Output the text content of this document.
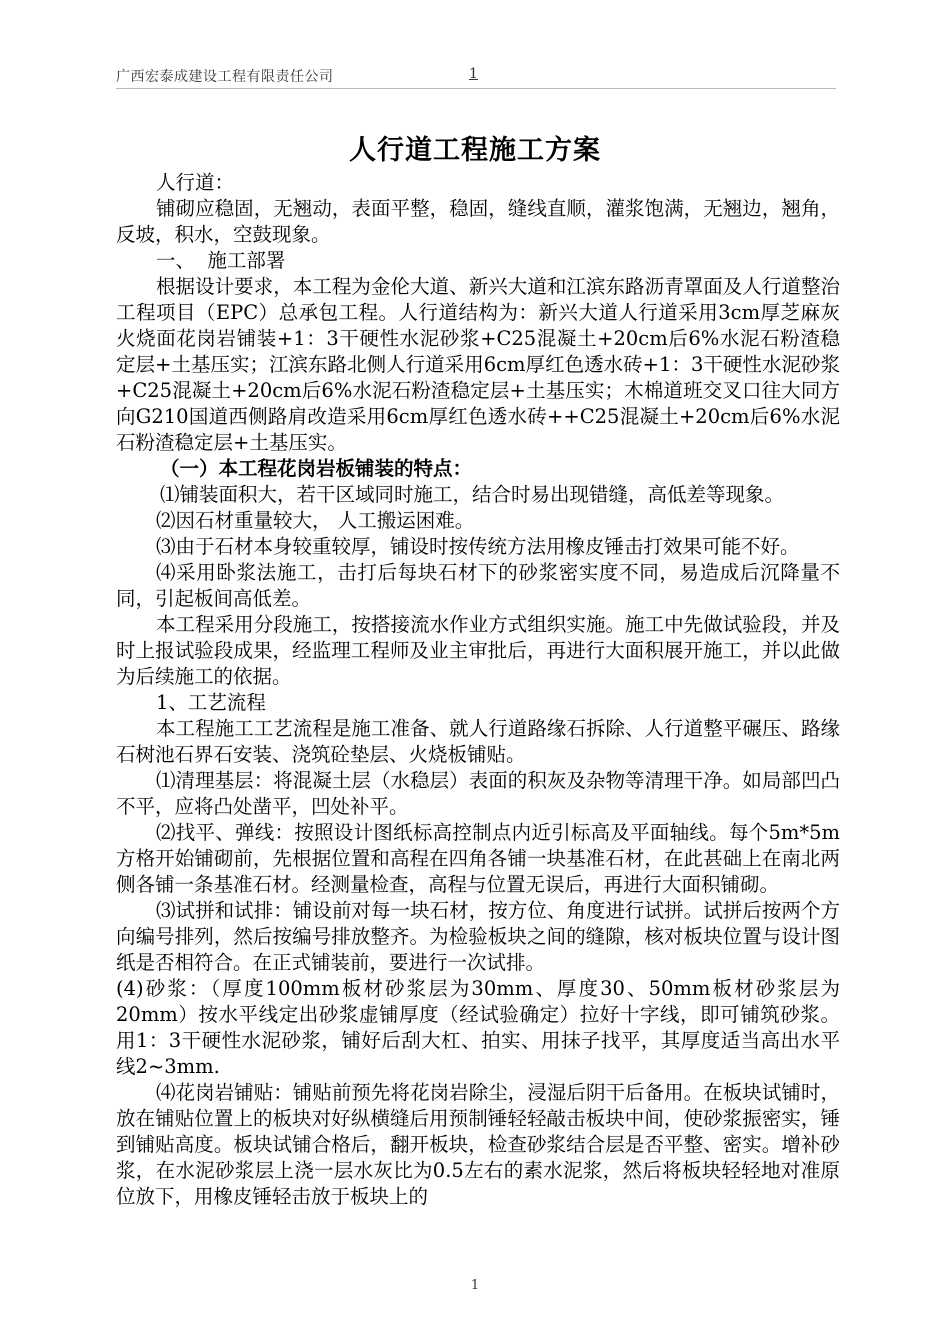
广西宏泰成建设工程有限责任公司	1
人行道工程施工方案

人行道：

铺砌应稳固，无翘动，表面平整，稳固，缝线直顺，灌浆饱满，无翘边，翘角，反坡，积水，空鼓现象。

一、  施工部署

根据设计要求，本工程为金伦大道、新兴大道和江滨东路沥青罩面及人行道整治工程项目（EPC）总承包工程。人行道结构为：新兴大道人行道采用3cm厚芝麻灰火烧面花岗岩铺装+1：3干硬性水泥砂浆+C25混凝土+20cm后6%水泥石粉渣稳定层+土基压实；江滨东路北侧人行道采用6cm厚红色透水砖+1：3干硬性水泥砂浆+C25混凝土+20cm后6%水泥石粉渣稳定层+土基压实；木棉道班交叉口往大同方向G210国道西侧路肩改造采用6cm厚红色透水砖++C25混凝土+20cm后6%水泥石粉渣稳定层+土基压实。

（一）本工程花岗岩板铺装的特点：

⑴铺装面积大，若干区域同时施工，结合时易出现错缝，高低差等现象。

⑵因石材重量较大， 人工搬运困难。

⑶由于石材本身较重较厚，铺设时按传统方法用橡皮锤击打效果可能不好。

⑷采用卧浆法施工，击打后每块石材下的砂浆密实度不同，易造成后沉降量不同，引起板间高低差。

本工程采用分段施工，按搭接流水作业方式组织实施。施工中先做试验段，并及时上报试验段成果，经监理工程师及业主审批后，再进行大面积展开施工，并以此做为后续施工的依据。

1、工艺流程

本工程施工工艺流程是施工准备、就人行道路缘石拆除、人行道整平碾压、路缘石树池石界石安装、浇筑砼垫层、火烧板铺贴。

⑴清理基层：将混凝土层（水稳层）表面的积灰及杂物等清理干净。如局部凹凸不平，应将凸处凿平，凹处补平。

⑵找平、弹线：按照设计图纸标高控制点内近引标高及平面轴线。每个5m*5m方格开始铺砌前，先根据位置和高程在四角各铺一块基准石材，在此甚础上在南北两侧各铺一条基准石材。经测量检查，高程与位置无误后，再进行大面积铺砌。

⑶试拼和试排：铺设前对每一块石材，按方位、角度进行试拼。试拼后按两个方向编号排列，然后按编号排放整齐。为检验板块之间的缝隙，核对板块位置与设计图纸是否相符合。在正式铺装前，要进行一次试排。

(4)砂浆：（厚度100mm板材砂浆层为30mm、厚度30、50mm板材砂浆层为20mm）按水平线定出砂浆虚铺厚度（经试验确定）拉好十字线，即可铺筑砂浆。用1：3干硬性水泥砂浆，铺好后刮大杠、拍实、用抹子找平，其厚度适当高出水平线2~3mm.

⑷花岗岩铺贴：铺贴前预先将花岗岩除尘，浸湿后阴干后备用。在板块试铺时，放在铺贴位置上的板块对好纵横缝后用预制锤轻轻敲击板块中间，使砂浆振密实，锤到铺贴高度。板块试铺合格后，翻开板块，检查砂浆结合层是否平整、密实。增补砂浆，在水泥砂浆层上浇一层水灰比为0.5左右的素水泥浆，然后将板块轻轻地对准原位放下，用橡皮锤轻击放于板块上的

1
